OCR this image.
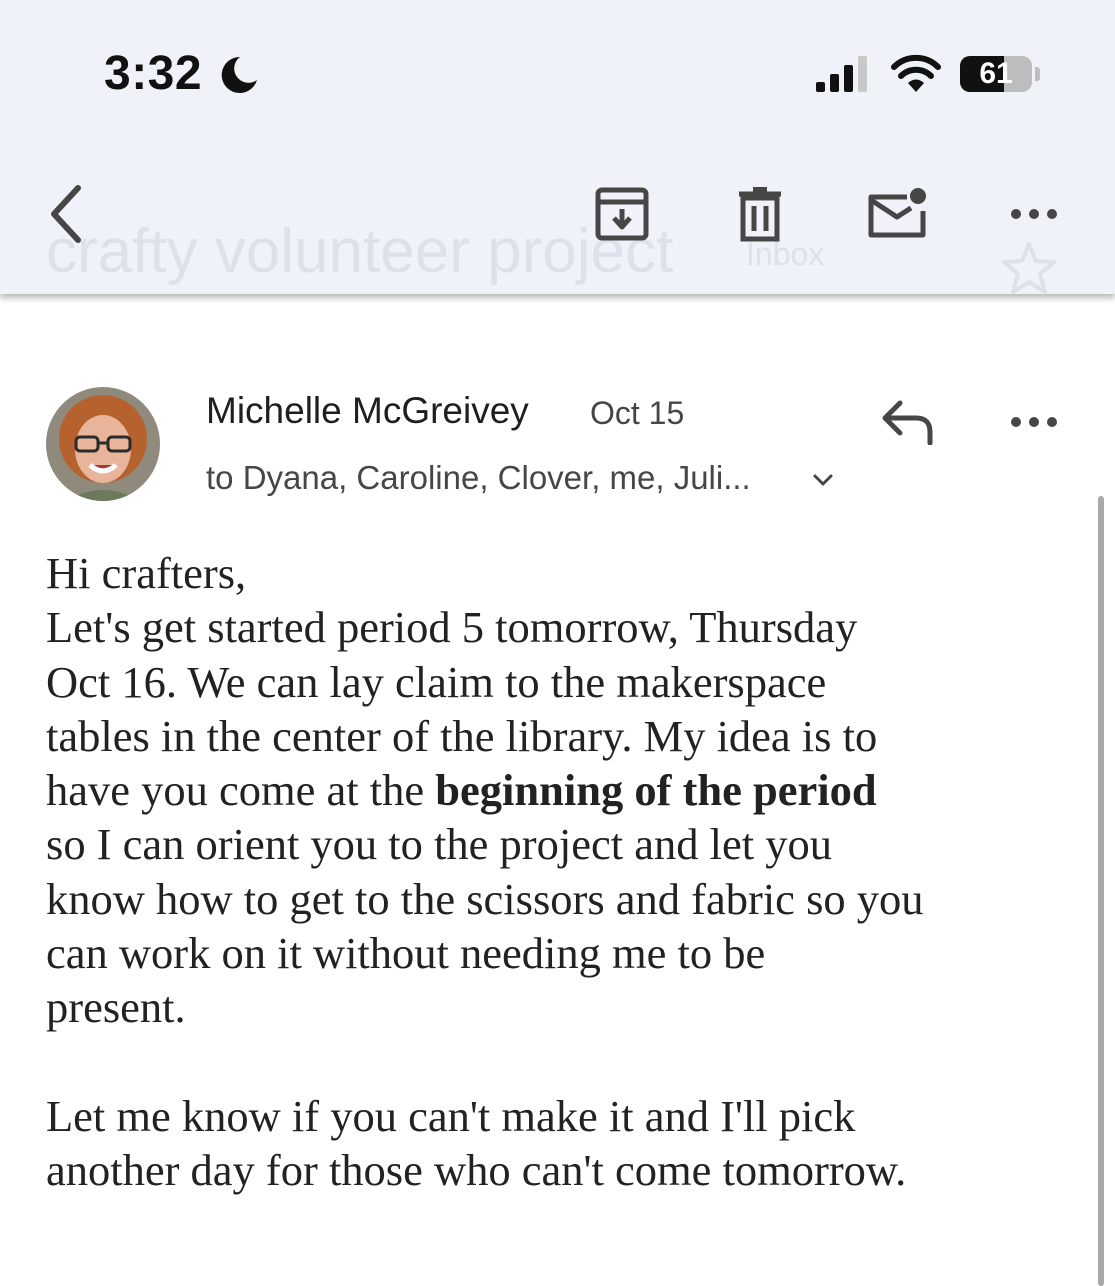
3:32	61
crafty volunteer project Inbox
Michelle McGreivey Oct 15
to Dyana, Caroline, Clover, me, Juli...

Hi crafters,

Let's get started period 5 tomorrow, Thursday

Oct 16. We can lay claim to the makerspace

tables in the center of the library. My idea is to

have you come at the beginning of the period

so I can orient you to the project and let you

know how to get to the scissors and fabric so you

can work on it without needing me to be

present.

Let me know if you can't make it and I'll pick

another day for those who can't come tomorrow.
